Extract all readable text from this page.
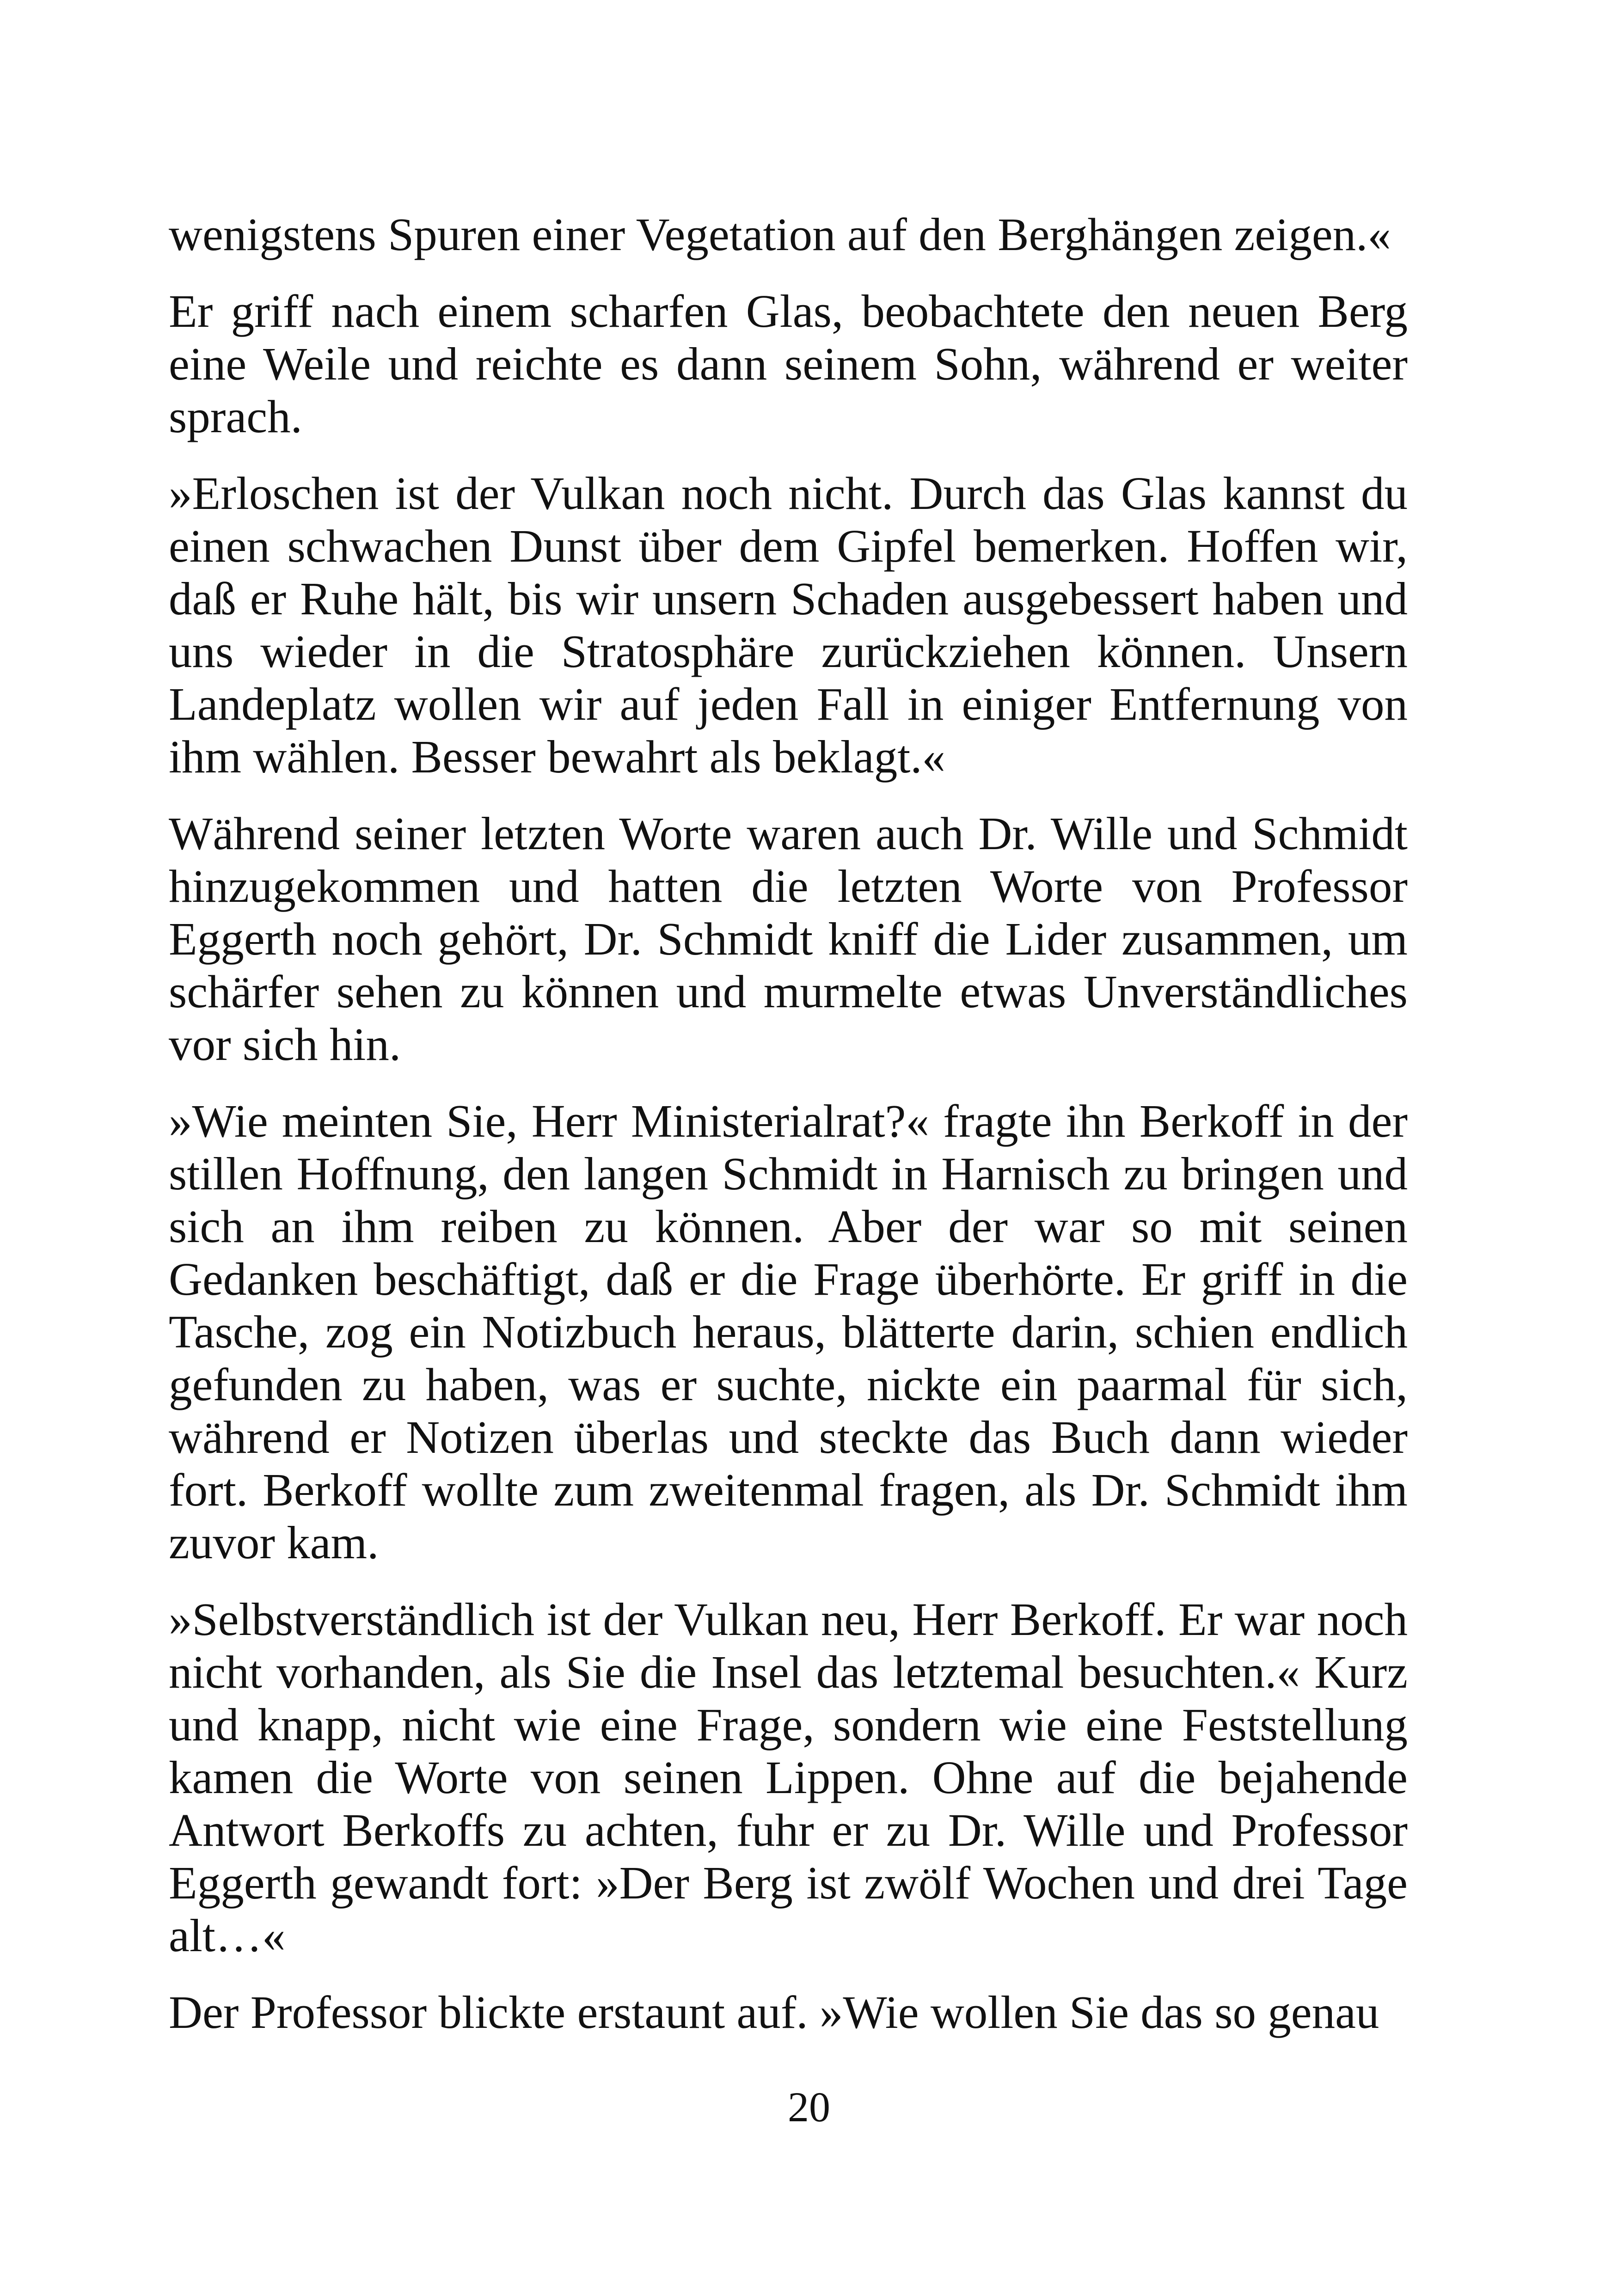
wenigstens Spuren einer Vegetation auf den Berghängen zeigen.«

Er griff nach einem scharfen Glas, beobachtete den neuen Berg eine Weile und reichte es dann seinem Sohn, während er weiter sprach.

»Erloschen ist der Vulkan noch nicht. Durch das Glas kannst du einen schwachen Dunst über dem Gipfel bemerken. Hoffen wir, daß er Ruhe hält, bis wir unsern Schaden ausgebessert haben und uns wieder in die Stratosphäre zurückziehen können. Unsern Landeplatz wollen wir auf jeden Fall in einiger Entfernung von ihm wählen. Besser bewahrt als beklagt.«

Während seiner letzten Worte waren auch Dr. Wille und Schmidt hinzugekommen und hatten die letzten Worte von Professor Eggerth noch gehört, Dr. Schmidt kniff die Lider zusammen, um schärfer sehen zu können und murmelte etwas Unverständliches vor sich hin.

»Wie meinten Sie, Herr Ministerialrat?« fragte ihn Berkoff in der stillen Hoffnung, den langen Schmidt in Harnisch zu bringen und sich an ihm reiben zu können. Aber der war so mit seinen Gedanken beschäftigt, daß er die Frage überhörte. Er griff in die Tasche, zog ein Notizbuch heraus, blätterte darin, schien endlich gefunden zu haben, was er suchte, nickte ein paarmal für sich, während er Notizen überlas und steckte das Buch dann wieder fort. Berkoff wollte zum zweitenmal fragen, als Dr. Schmidt ihm zuvor kam.

»Selbstverständlich ist der Vulkan neu, Herr Berkoff. Er war noch nicht vorhanden, als Sie die Insel das letztemal besuchten.« Kurz und knapp, nicht wie eine Frage, sondern wie eine Feststellung kamen die Worte von seinen Lippen. Ohne auf die bejahende Antwort Berkoffs zu achten, fuhr er zu Dr. Wille und Professor Eggerth gewandt fort: »Der Berg ist zwölf Wochen und drei Tage alt…«

Der Professor blickte erstaunt auf. »Wie wollen Sie das so genau

20
